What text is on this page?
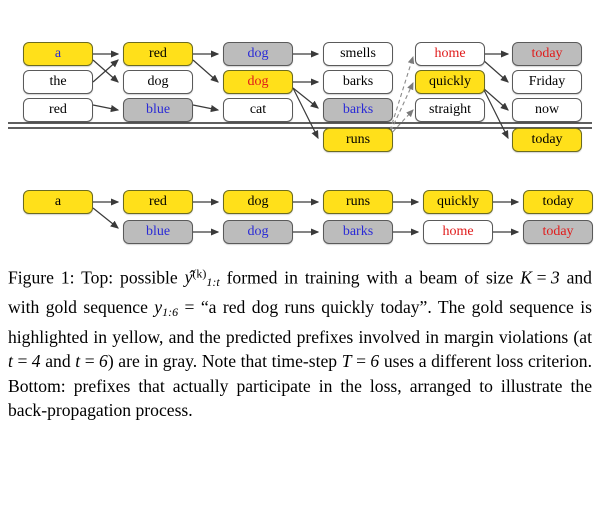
a
the
red
red
dog
blue
dog
dog
cat
smells
barks
barks
runs
home
quickly
straight
today
Friday
now
today
a	red
blue
dog
dog
runs
barks
quickly
home
today
today
Figure 1: Top: possible $y^{(k)}_{1:t}$ formed in training with a beam of size K = 3 and with gold sequence $y_{1:6}$ = “a red dog runs quickly today”. The gold sequence is highlighted in yellow, and the predicted prefixes involved in margin violations (at t = 4 and t = 6) are in gray. Note that time-step T = 6 uses a different loss criterion. Bottom: prefixes that actually participate in the loss, arranged to illustrate the back-propagation process.
